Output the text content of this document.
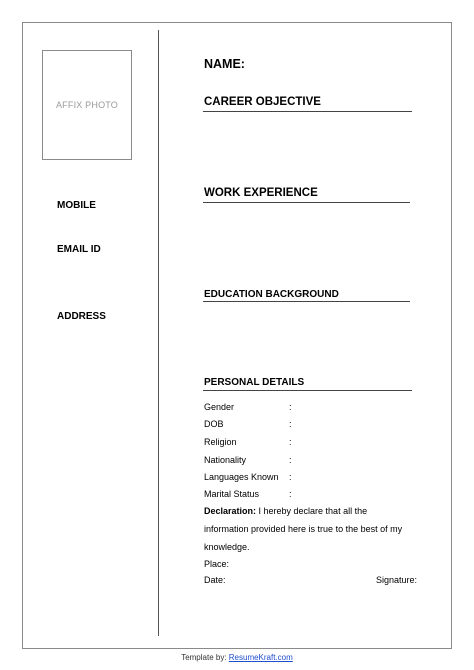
AFFIX PHOTO
MOBILE
EMAIL ID
ADDRESS
NAME:
CAREER OBJECTIVE
WORK EXPERIENCE
EDUCATION BACKGROUND
PERSONAL DETAILS
Gender	:
DOB	:
Religion	:
Nationality	:
Languages Known :
Marital Status	:
Declaration: I hereby declare that all the information provided here is true to the best of my knowledge.
Place:
Date:	Signature:
Template by: ResumeKraft.com
